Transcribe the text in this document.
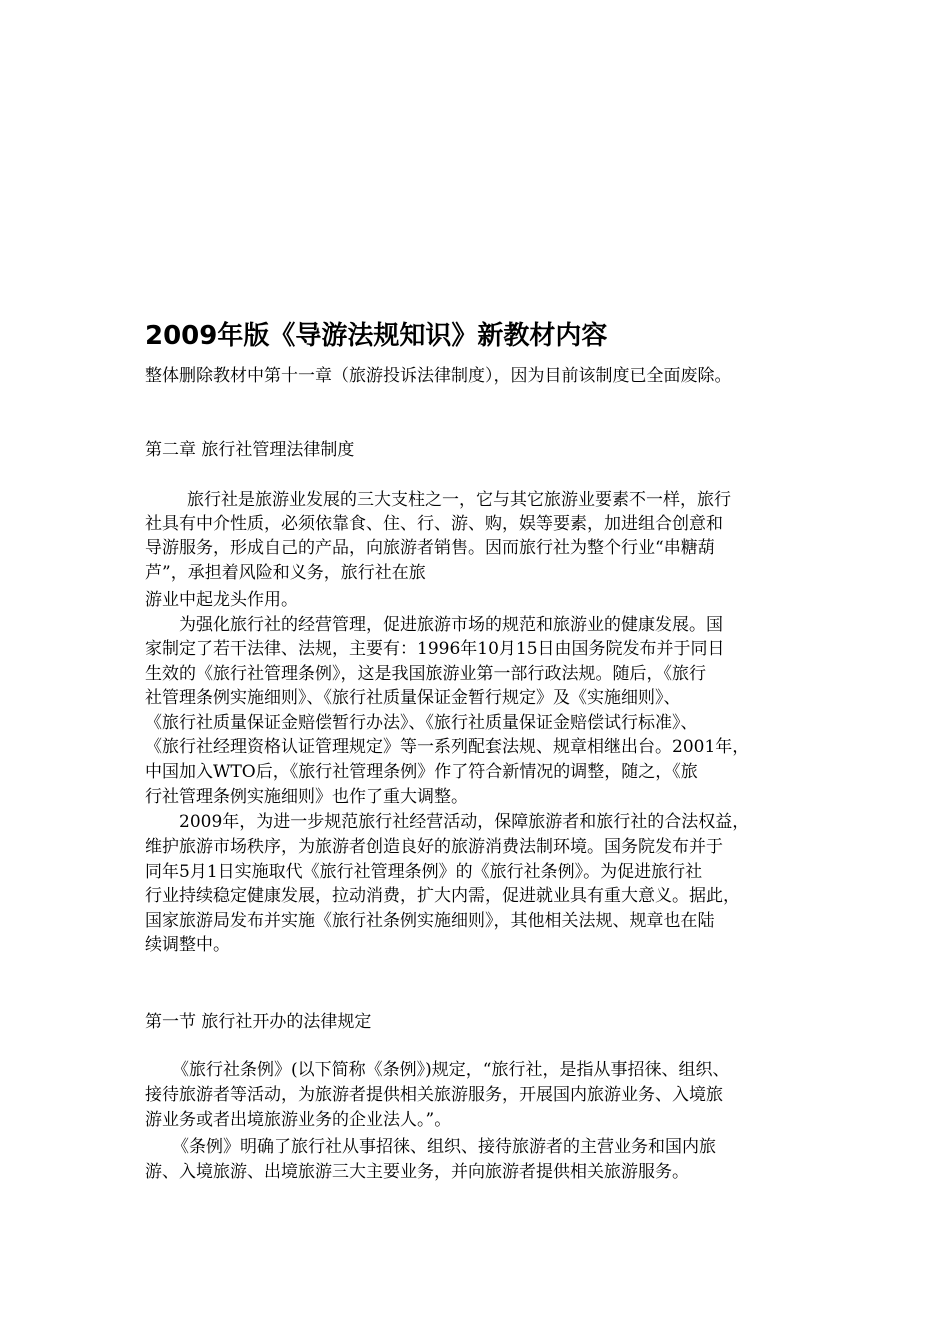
2009年版《导游法规知识》新教材内容

整体删除教材中第十一章（旅游投诉法律制度），因为目前该制度已全面废除。

第二章 旅行社管理法律制度

旅行社是旅游业发展的三大支柱之一，它与其它旅游业要素不一样，旅行

社具有中介性质，必须依靠食、住、行、游、购，娱等要素，加进组合创意和

导游服务，形成自己的产品，向旅游者销售。因而旅行社为整个行业“串糖葫

芦”，承担着风险和义务，旅行社在旅

游业中起龙头作用。

为强化旅行社的经营管理，促进旅游市场的规范和旅游业的健康发展。国

家制定了若干法律、法规，主要有：1996年10月15日由国务院发布并于同日

生效的《旅行社管理条例》，这是我国旅游业第一部行政法规。随后，《旅行

社管理条例实施细则》、《旅行社质量保证金暂行规定》及《实施细则》、

《旅行社质量保证金赔偿暂行办法》、《旅行社质量保证金赔偿试行标准》、

《旅行社经理资格认证管理规定》等一系列配套法规、规章相继出台。2001年，

中国加入WTO后，《旅行社管理条例》作了符合新情况的调整，随之，《旅

行社管理条例实施细则》也作了重大调整。

2009年，为进一步规范旅行社经营活动，保障旅游者和旅行社的合法权益，

维护旅游市场秩序，为旅游者创造良好的旅游消费法制环境。国务院发布并于

同年5月1日实施取代《旅行社管理条例》的《旅行社条例》。为促进旅行社

行业持续稳定健康发展，拉动消费，扩大内需，促进就业具有重大意义。据此，

国家旅游局发布并实施《旅行社条例实施细则》，其他相关法规、规章也在陆

续调整中。

第一节 旅行社开办的法律规定

《旅行社条例》(以下简称《条例》)规定，“旅行社，是指从事招徕、组织、

接待旅游者等活动，为旅游者提供相关旅游服务，开展国内旅游业务、入境旅

游业务或者出境旅游业务的企业法人。”。

《条例》明确了旅行社从事招徕、组织、接待旅游者的主营业务和国内旅

游、入境旅游、出境旅游三大主要业务，并向旅游者提供相关旅游服务。
